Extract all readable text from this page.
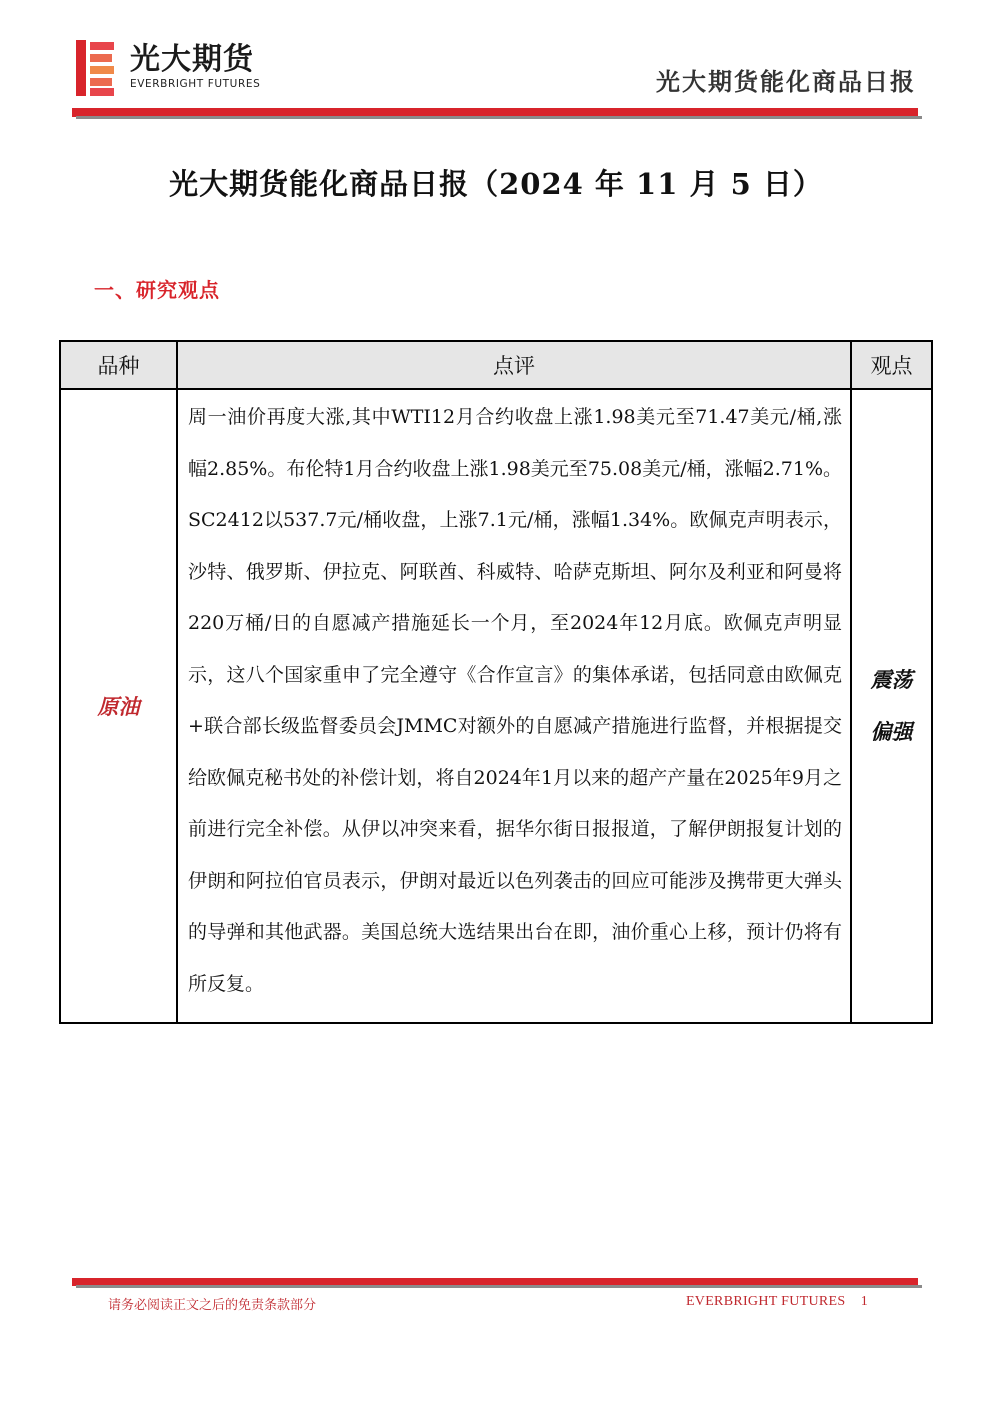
光大期货
EVERBRIGHT FUTURES	光大期货能化商品日报
光大期货能化商品日报（2024 年 11 月 5 日）
一、研究观点
品种	点评	观点
原油	周一油价再度大涨,其中WTI12月合约收盘上涨1.98美元至71.47美元/桶,涨幅2.85%。布伦特1月合约收盘上涨1.98美元至75.08美元/桶，涨幅2.71%。SC2412以537.7元/桶收盘，上涨7.1元/桶，涨幅1.34%。欧佩克声明表示，沙特、俄罗斯、伊拉克、阿联酋、科威特、哈萨克斯坦、阿尔及利亚和阿曼将220万桶/日的自愿减产措施延长一个月，至2024年12月底。欧佩克声明显示，这八个国家重申了完全遵守《合作宣言》的集体承诺，包括同意由欧佩克+联合部长级监督委员会JMMC对额外的自愿减产措施进行监督，并根据提交给欧佩克秘书处的补偿计划，将自2024年1月以来的超产产量在2025年9月之前进行完全补偿。从伊以冲突来看，据华尔街日报报道，了解伊朗报复计划的伊朗和阿拉伯官员表示，伊朗对最近以色列袭击的回应可能涉及携带更大弹头的导弹和其他武器。美国总统大选结果出台在即，油价重心上移，预计仍将有所反复。	震荡
偏强
请务必阅读正文之后的免责条款部分	EVERBRIGHT FUTURES 1
